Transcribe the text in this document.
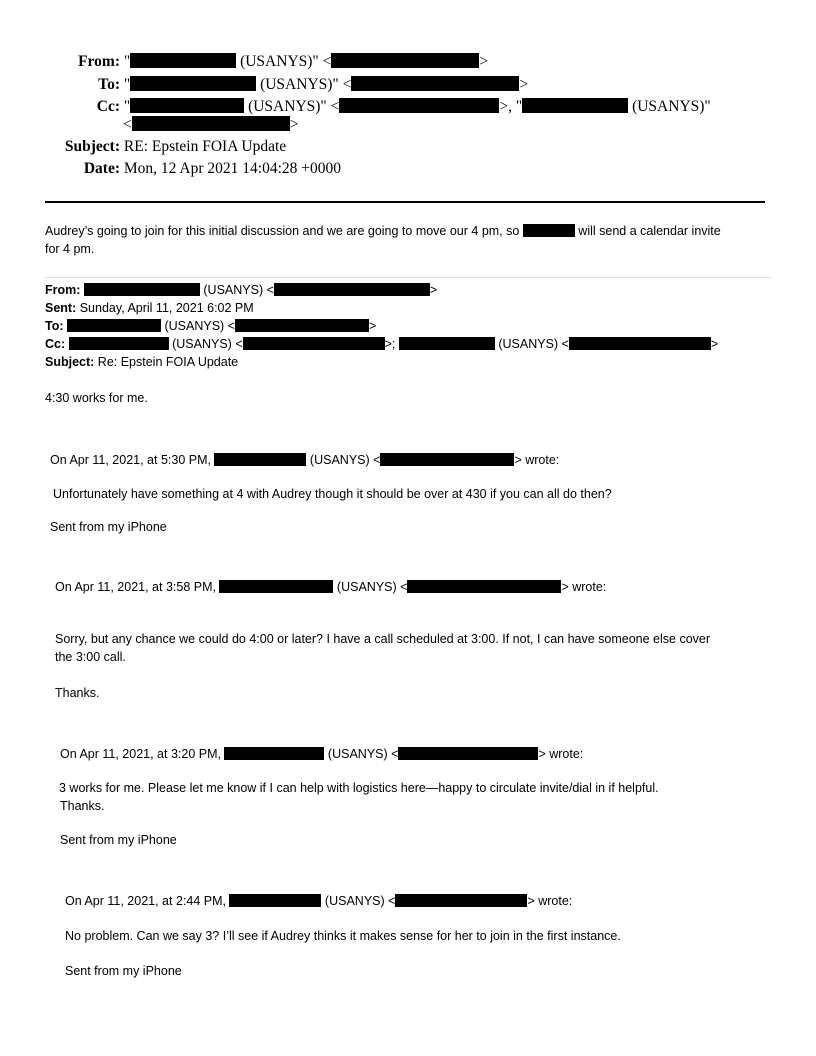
From: "	(USANYS)" <	>
To: "	(USANYS)" <	>
Cc: "	(USANYS)" <	>, "	(USANYS)"
<	>
Subject: RE: Epstein FOIA Update
Date: Mon, 12 Apr 2021 14:04:28 +0000
Audrey’s going to join for this initial discussion and we are going to move our 4 pm, so	will send a calendar invite
for 4 pm.
From:	(USANYS) <	>
Sent: Sunday, April 11, 2021 6:02 PM
To:	(USANYS) <	>
Cc:	(USANYS) <	>;	(USANYS) <	>
Subject: Re: Epstein FOIA Update
4:30 works for me.
On Apr 11, 2021, at 5:30 PM,	(USANYS) <	> wrote:
Unfortunately have something at 4 with Audrey though it should be over at 430 if you can all do then?
Sent from my iPhone
On Apr 11, 2021, at 3:58 PM,	(USANYS) <	> wrote:
Sorry, but any chance we could do 4:00 or later? I have a call scheduled at 3:00. If not, I can have someone else cover
the 3:00 call.
Thanks.
On Apr 11, 2021, at 3:20 PM,	(USANYS) <	> wrote:
3 works for me. Please let me know if I can help with logistics here—happy to circulate invite/dial in if helpful.
Thanks.
Sent from my iPhone
On Apr 11, 2021, at 2:44 PM,	(USANYS) <	> wrote:
No problem. Can we say 3? I’ll see if Audrey thinks it makes sense for her to join in the first instance.
Sent from my iPhone
